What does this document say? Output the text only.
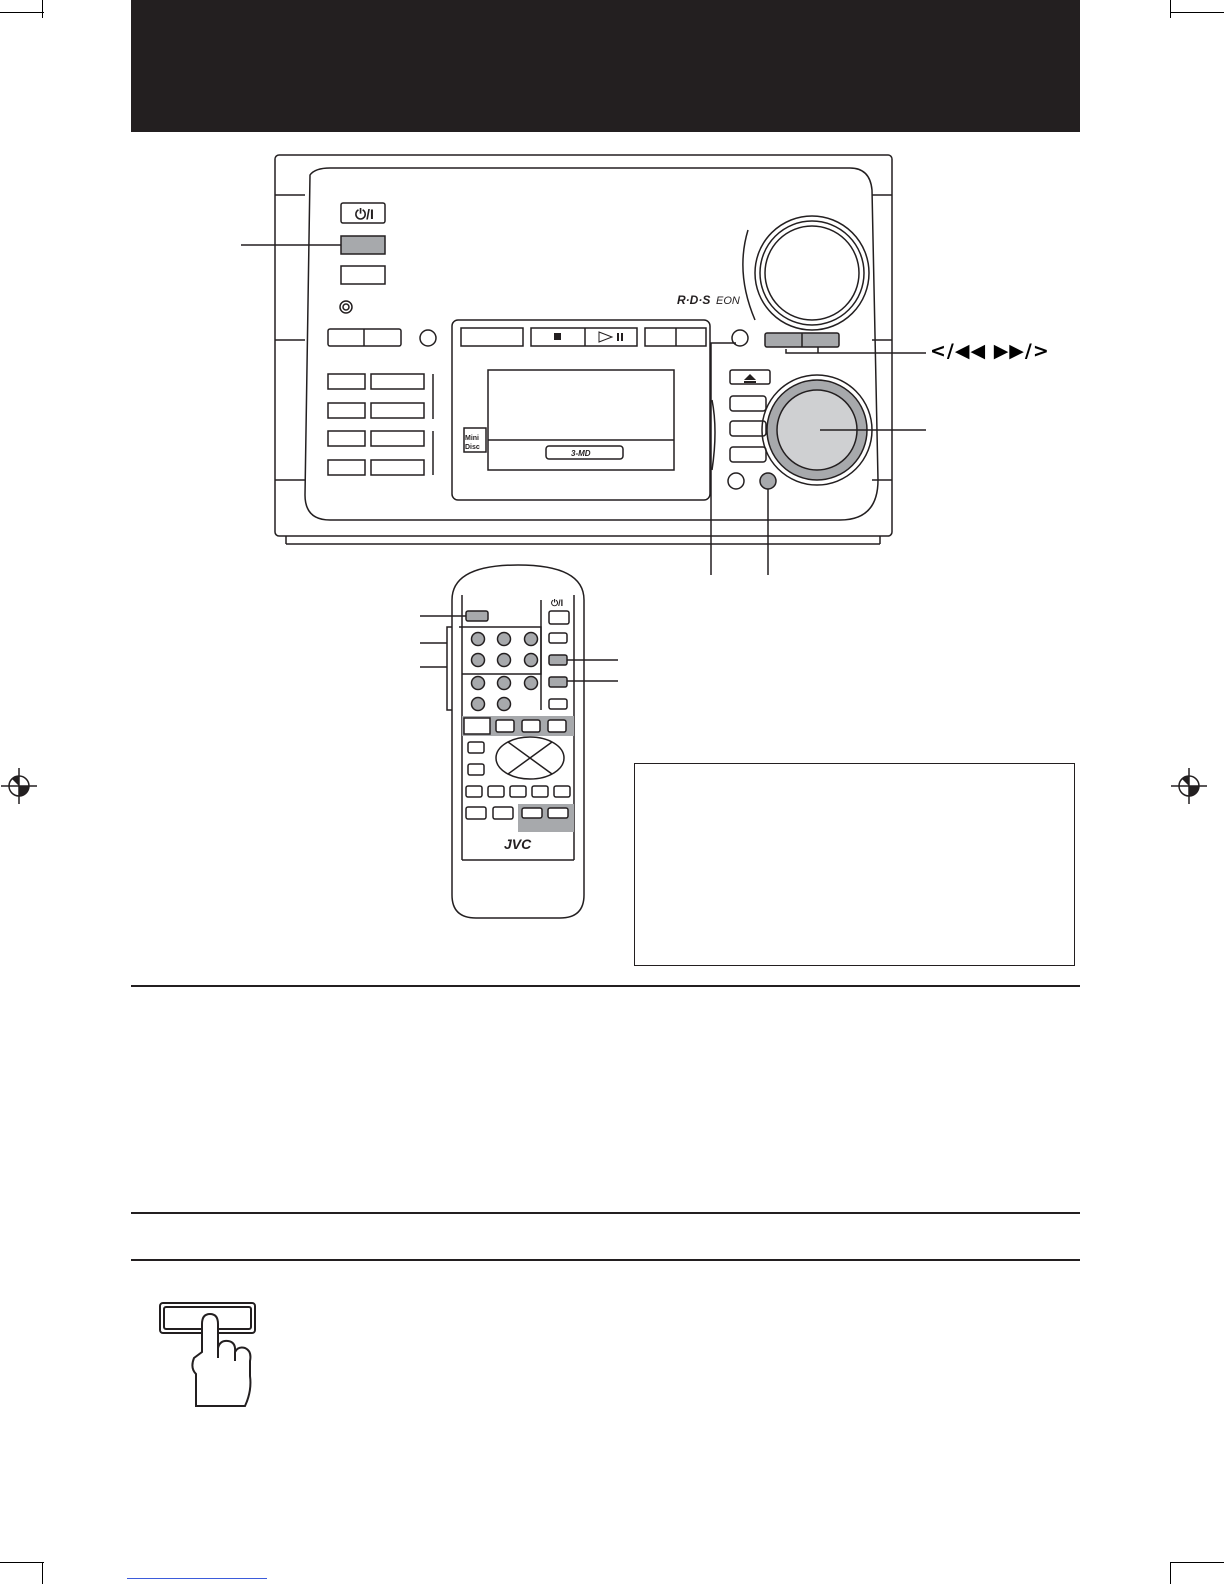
⏻/I
R·D·S EON
3-MD
Mini
Disc
⏻/I
JVC
</◀◀ ▶▶/>
